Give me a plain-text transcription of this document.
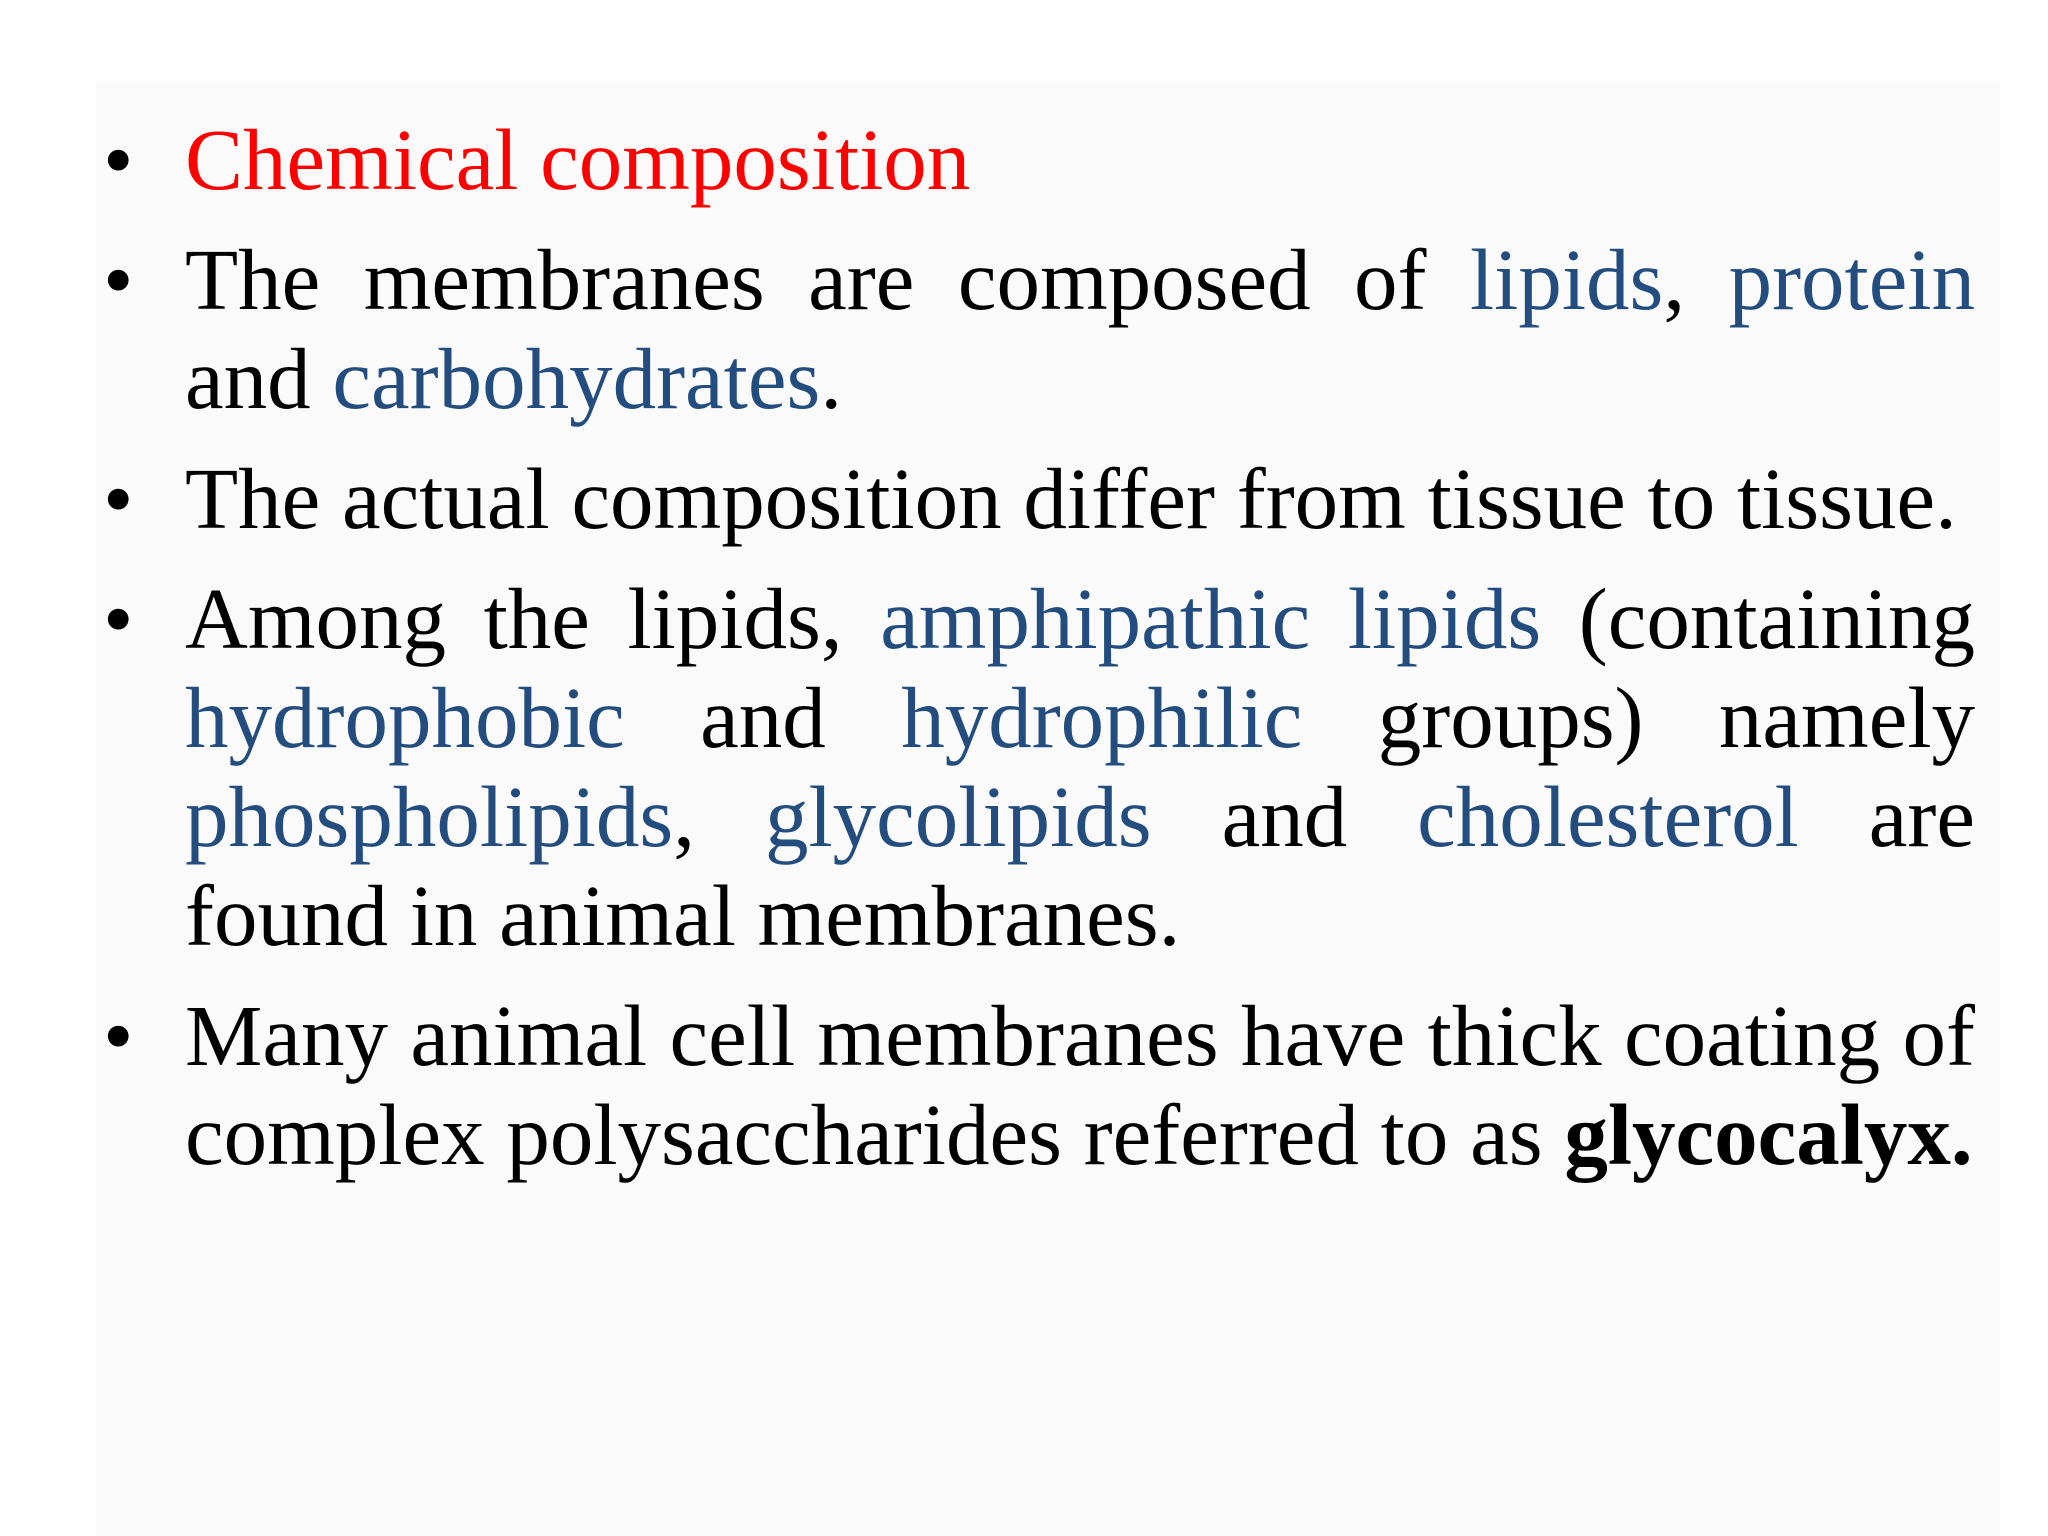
• Chemical composition
• The membranes are composed of lipids, protein and carbohydrates.
• The actual composition differ from tissue to tissue.
• Among the lipids, amphipathic lipids (containing hydrophobic and hydrophilic groups) namely phospholipids, glycolipids and cholesterol are found in animal membranes.
• Many animal cell membranes have thick coating of complex polysaccharides referred to as glycocalyx.
